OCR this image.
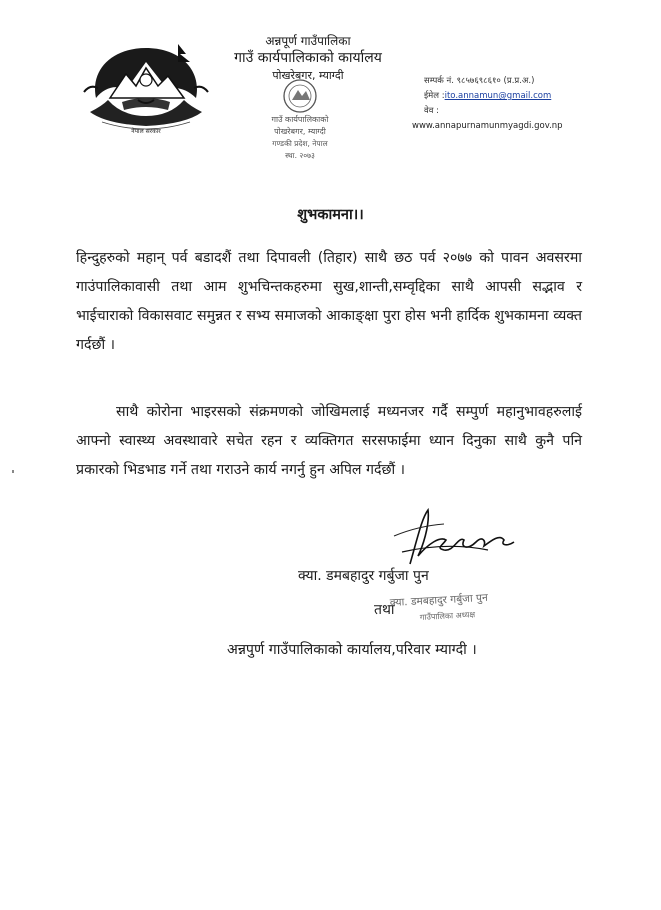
नेपाल सरकार
अन्नपूर्ण गाउँपालिका
गाउँ कार्यपालिकाको कार्यालय
पोखरेबगर, म्याग्दी
गाउँ कार्यपालिकाको
पोखरेबगर, म्याग्दी
गण्डकी प्रदेश, नेपाल
स्था. २०७३
सम्पर्क नं. ९८५७६९८६१० (प्र.प्र.अ.)
ईमेल :ito.annamun@gmail.com
वेव :
www.annapurnamunmyagdi.gov.np
शुभकामना।।
हिन्दुहरुको महान् पर्व बडादशैं तथा दिपावली (तिहार) साथै छठ पर्व २०७७ को पावन अवसरमा गाउंपालिकावासी तथा आम शुभचिन्तकहरुमा सुख,शान्ती,सम्वृद्दिका साथै आपसी सद्भाव र भाईचाराको विकासवाट समुन्नत र सभ्य समाजको आकाङ्क्षा पुरा होस भनी हार्दिक शुभकामना व्यक्त गर्दछौं ।
साथै कोरोना भाइरसको संक्रमणको जोखिमलाई मध्यनजर गर्दै सम्पुर्ण महानुभावहरुलाई आफ्नो स्वास्थ्य अवस्थावारे सचेत रहन र व्यक्तिगत सरसफाईमा ध्यान दिनुका साथै कुनै पनि प्रकारको भिडभाड गर्ने तथा गराउने कार्य नगर्नु हुन अपिल गर्दछौं ।
क्या. डमबहादुर गर्बुजा पुन
क्या. डमबहादुर गर्बुजा पुन
गाउँपालिका अध्यक्ष
तथा
अन्नपुर्ण गाउँपालिकाको कार्यालय,परिवार म्याग्दी ।
